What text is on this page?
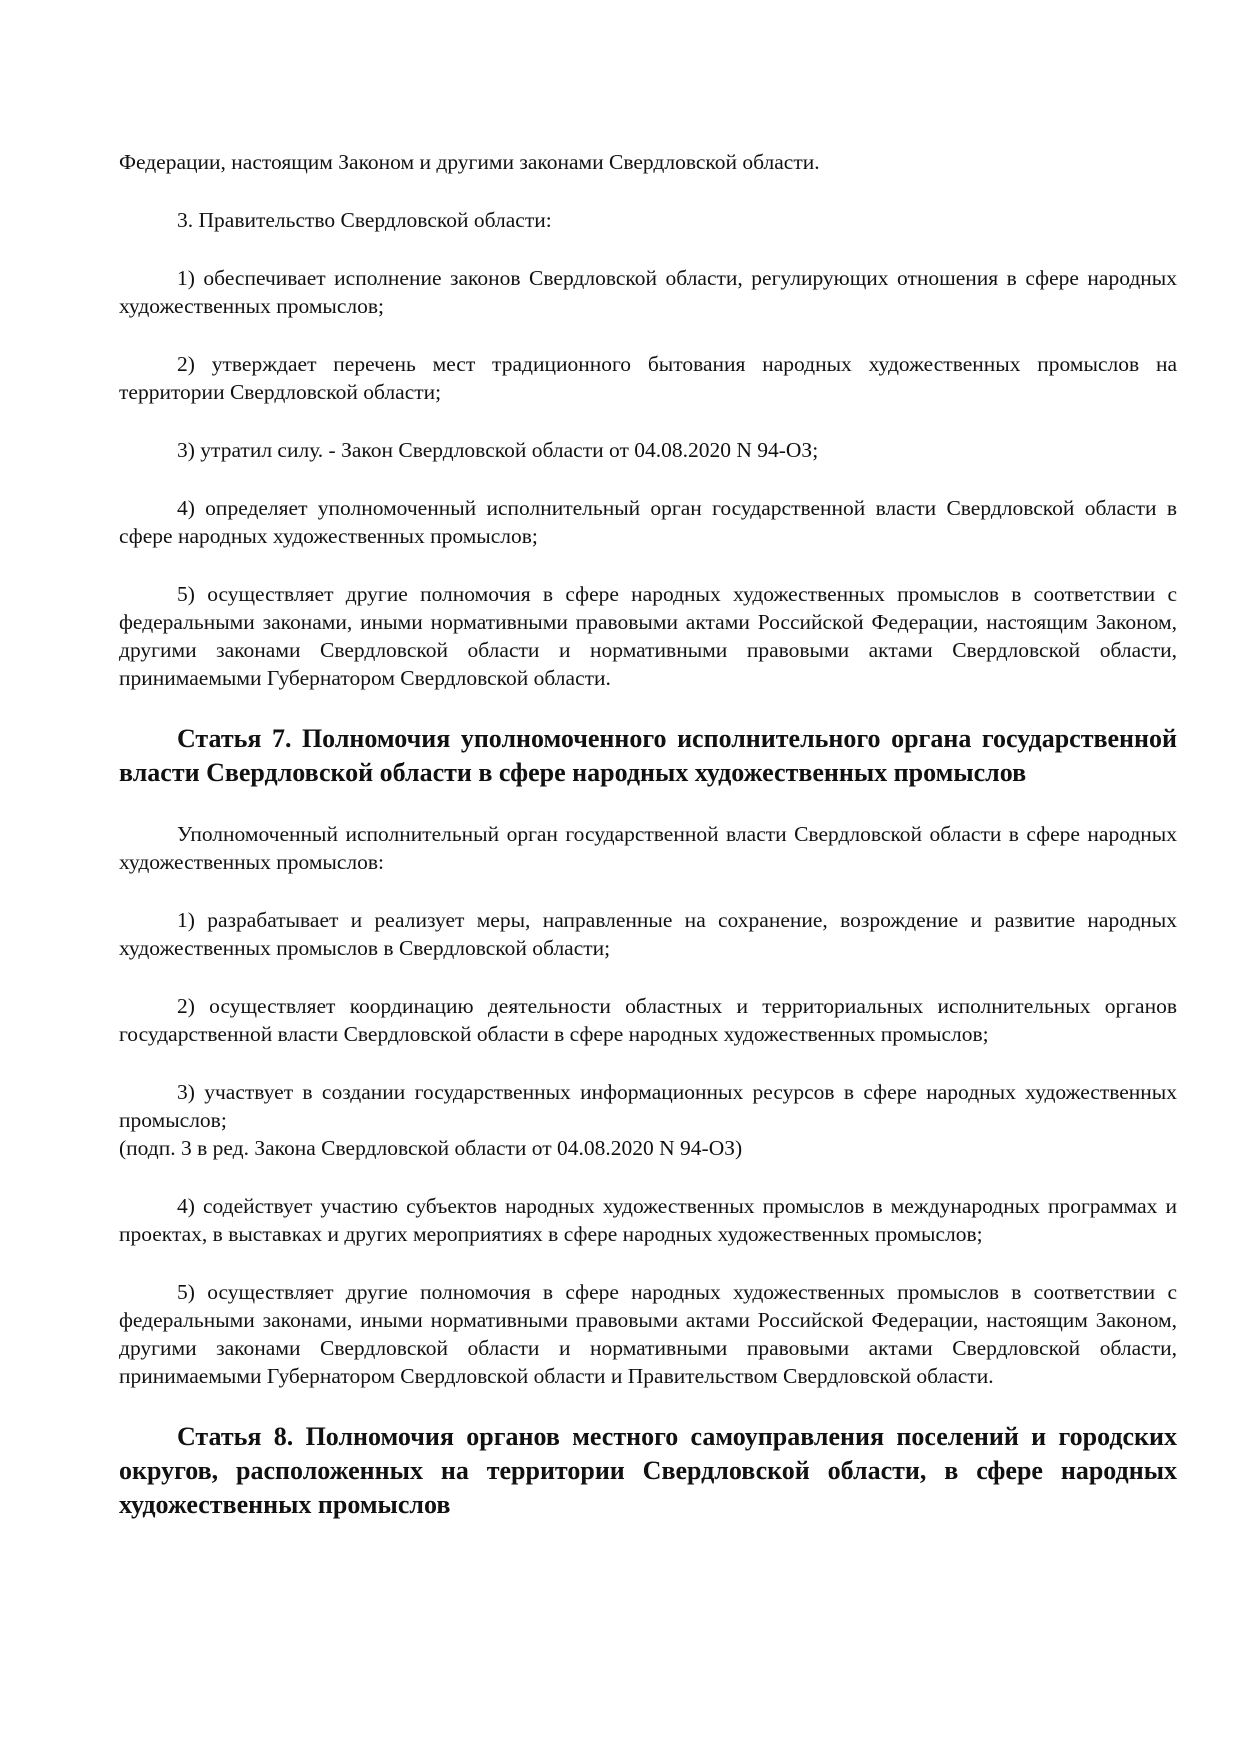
Федерации, настоящим Законом и другими законами Свердловской области.

3. Правительство Свердловской области:

1) обеспечивает исполнение законов Свердловской области, регулирующих отношения в сфере народных художественных промыслов;

2) утверждает перечень мест традиционного бытования народных художественных промыслов на территории Свердловской области;

3) утратил силу. - Закон Свердловской области от 04.08.2020 N 94-ОЗ;

4) определяет уполномоченный исполнительный орган государственной власти Свердловской области в сфере народных художественных промыслов;

5) осуществляет другие полномочия в сфере народных художественных промыслов в соответствии с федеральными законами, иными нормативными правовыми актами Российской Федерации, настоящим Законом, другими законами Свердловской области и нормативными правовыми актами Свердловской области, принимаемыми Губернатором Свердловской области.

Статья 7. Полномочия уполномоченного исполнительного органа государственной власти Свердловской области в сфере народных художественных промыслов

Уполномоченный исполнительный орган государственной власти Свердловской области в сфере народных художественных промыслов:

1) разрабатывает и реализует меры, направленные на сохранение, возрождение и развитие народных художественных промыслов в Свердловской области;

2) осуществляет координацию деятельности областных и территориальных исполнительных органов государственной власти Свердловской области в сфере народных художественных промыслов;

3) участвует в создании государственных информационных ресурсов в сфере народных художественных промыслов;

(подп. 3 в ред. Закона Свердловской области от 04.08.2020 N 94-ОЗ)

4) содействует участию субъектов народных художественных промыслов в международных программах и проектах, в выставках и других мероприятиях в сфере народных художественных промыслов;

5) осуществляет другие полномочия в сфере народных художественных промыслов в соответствии с федеральными законами, иными нормативными правовыми актами Российской Федерации, настоящим Законом, другими законами Свердловской области и нормативными правовыми актами Свердловской области, принимаемыми Губернатором Свердловской области и Правительством Свердловской области.

Статья 8. Полномочия органов местного самоуправления поселений и городских округов, расположенных на территории Свердловской области, в сфере народных художественных промыслов
